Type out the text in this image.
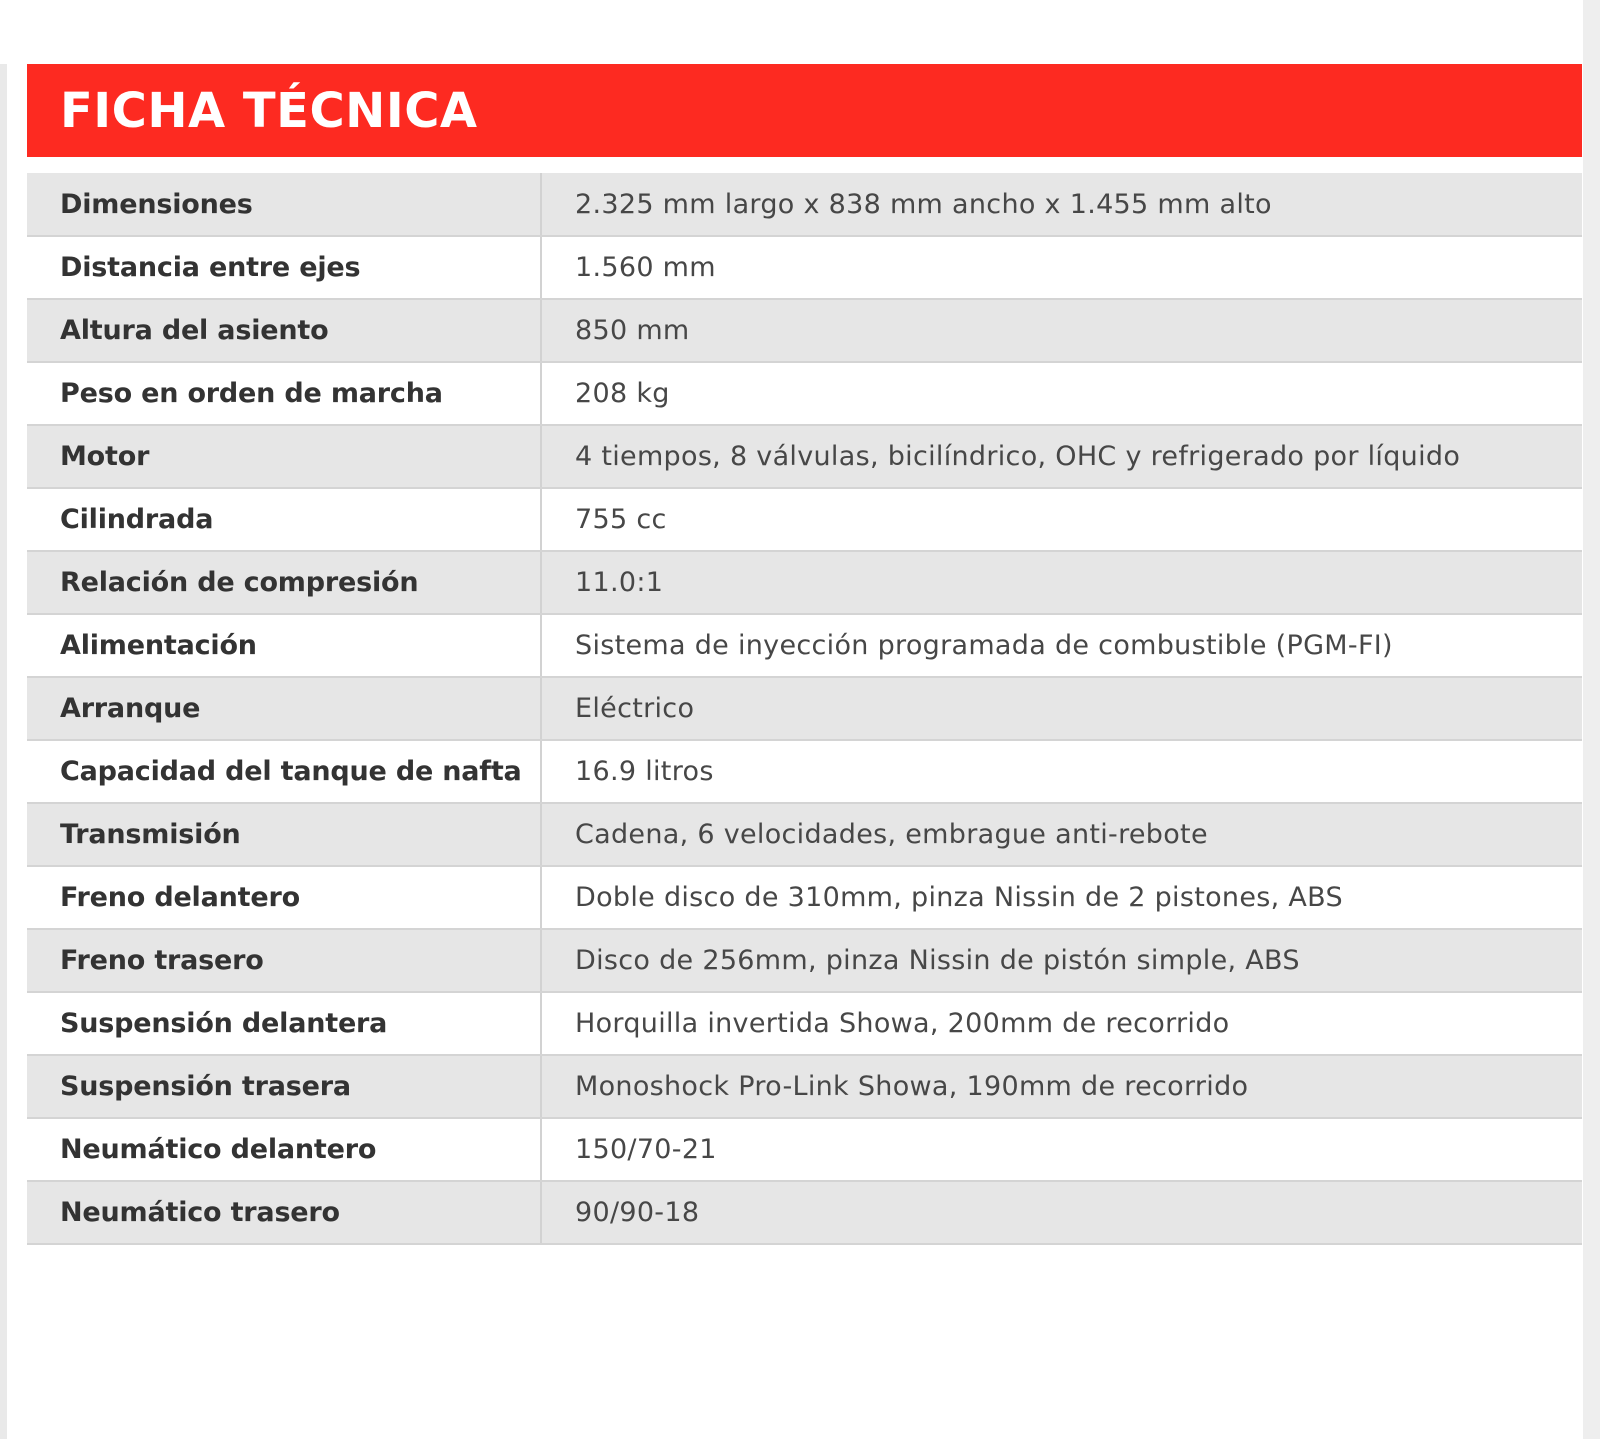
FICHA TÉCNICA
Dimensiones	2.325 mm largo x 838 mm ancho x 1.455 mm alto
Distancia entre ejes	1.560 mm
Altura del asiento	850 mm
Peso en orden de marcha	208 kg
Motor	4 tiempos, 8 válvulas, bicilíndrico, OHC y refrigerado por líquido
Cilindrada	755 cc
Relación de compresión	11.0:1
Alimentación	Sistema de inyección programada de combustible (PGM-FI)
Arranque	Eléctrico
Capacidad del tanque de nafta	16.9 litros
Transmisión	Cadena, 6 velocidades, embrague anti-rebote
Freno delantero	Doble disco de 310mm, pinza Nissin de 2 pistones, ABS
Freno trasero	Disco de 256mm, pinza Nissin de pistón simple, ABS
Suspensión delantera	Horquilla invertida Showa, 200mm de recorrido
Suspensión trasera	Monoshock Pro-Link Showa, 190mm de recorrido
Neumático delantero	150/70-21
Neumático trasero	90/90-18
